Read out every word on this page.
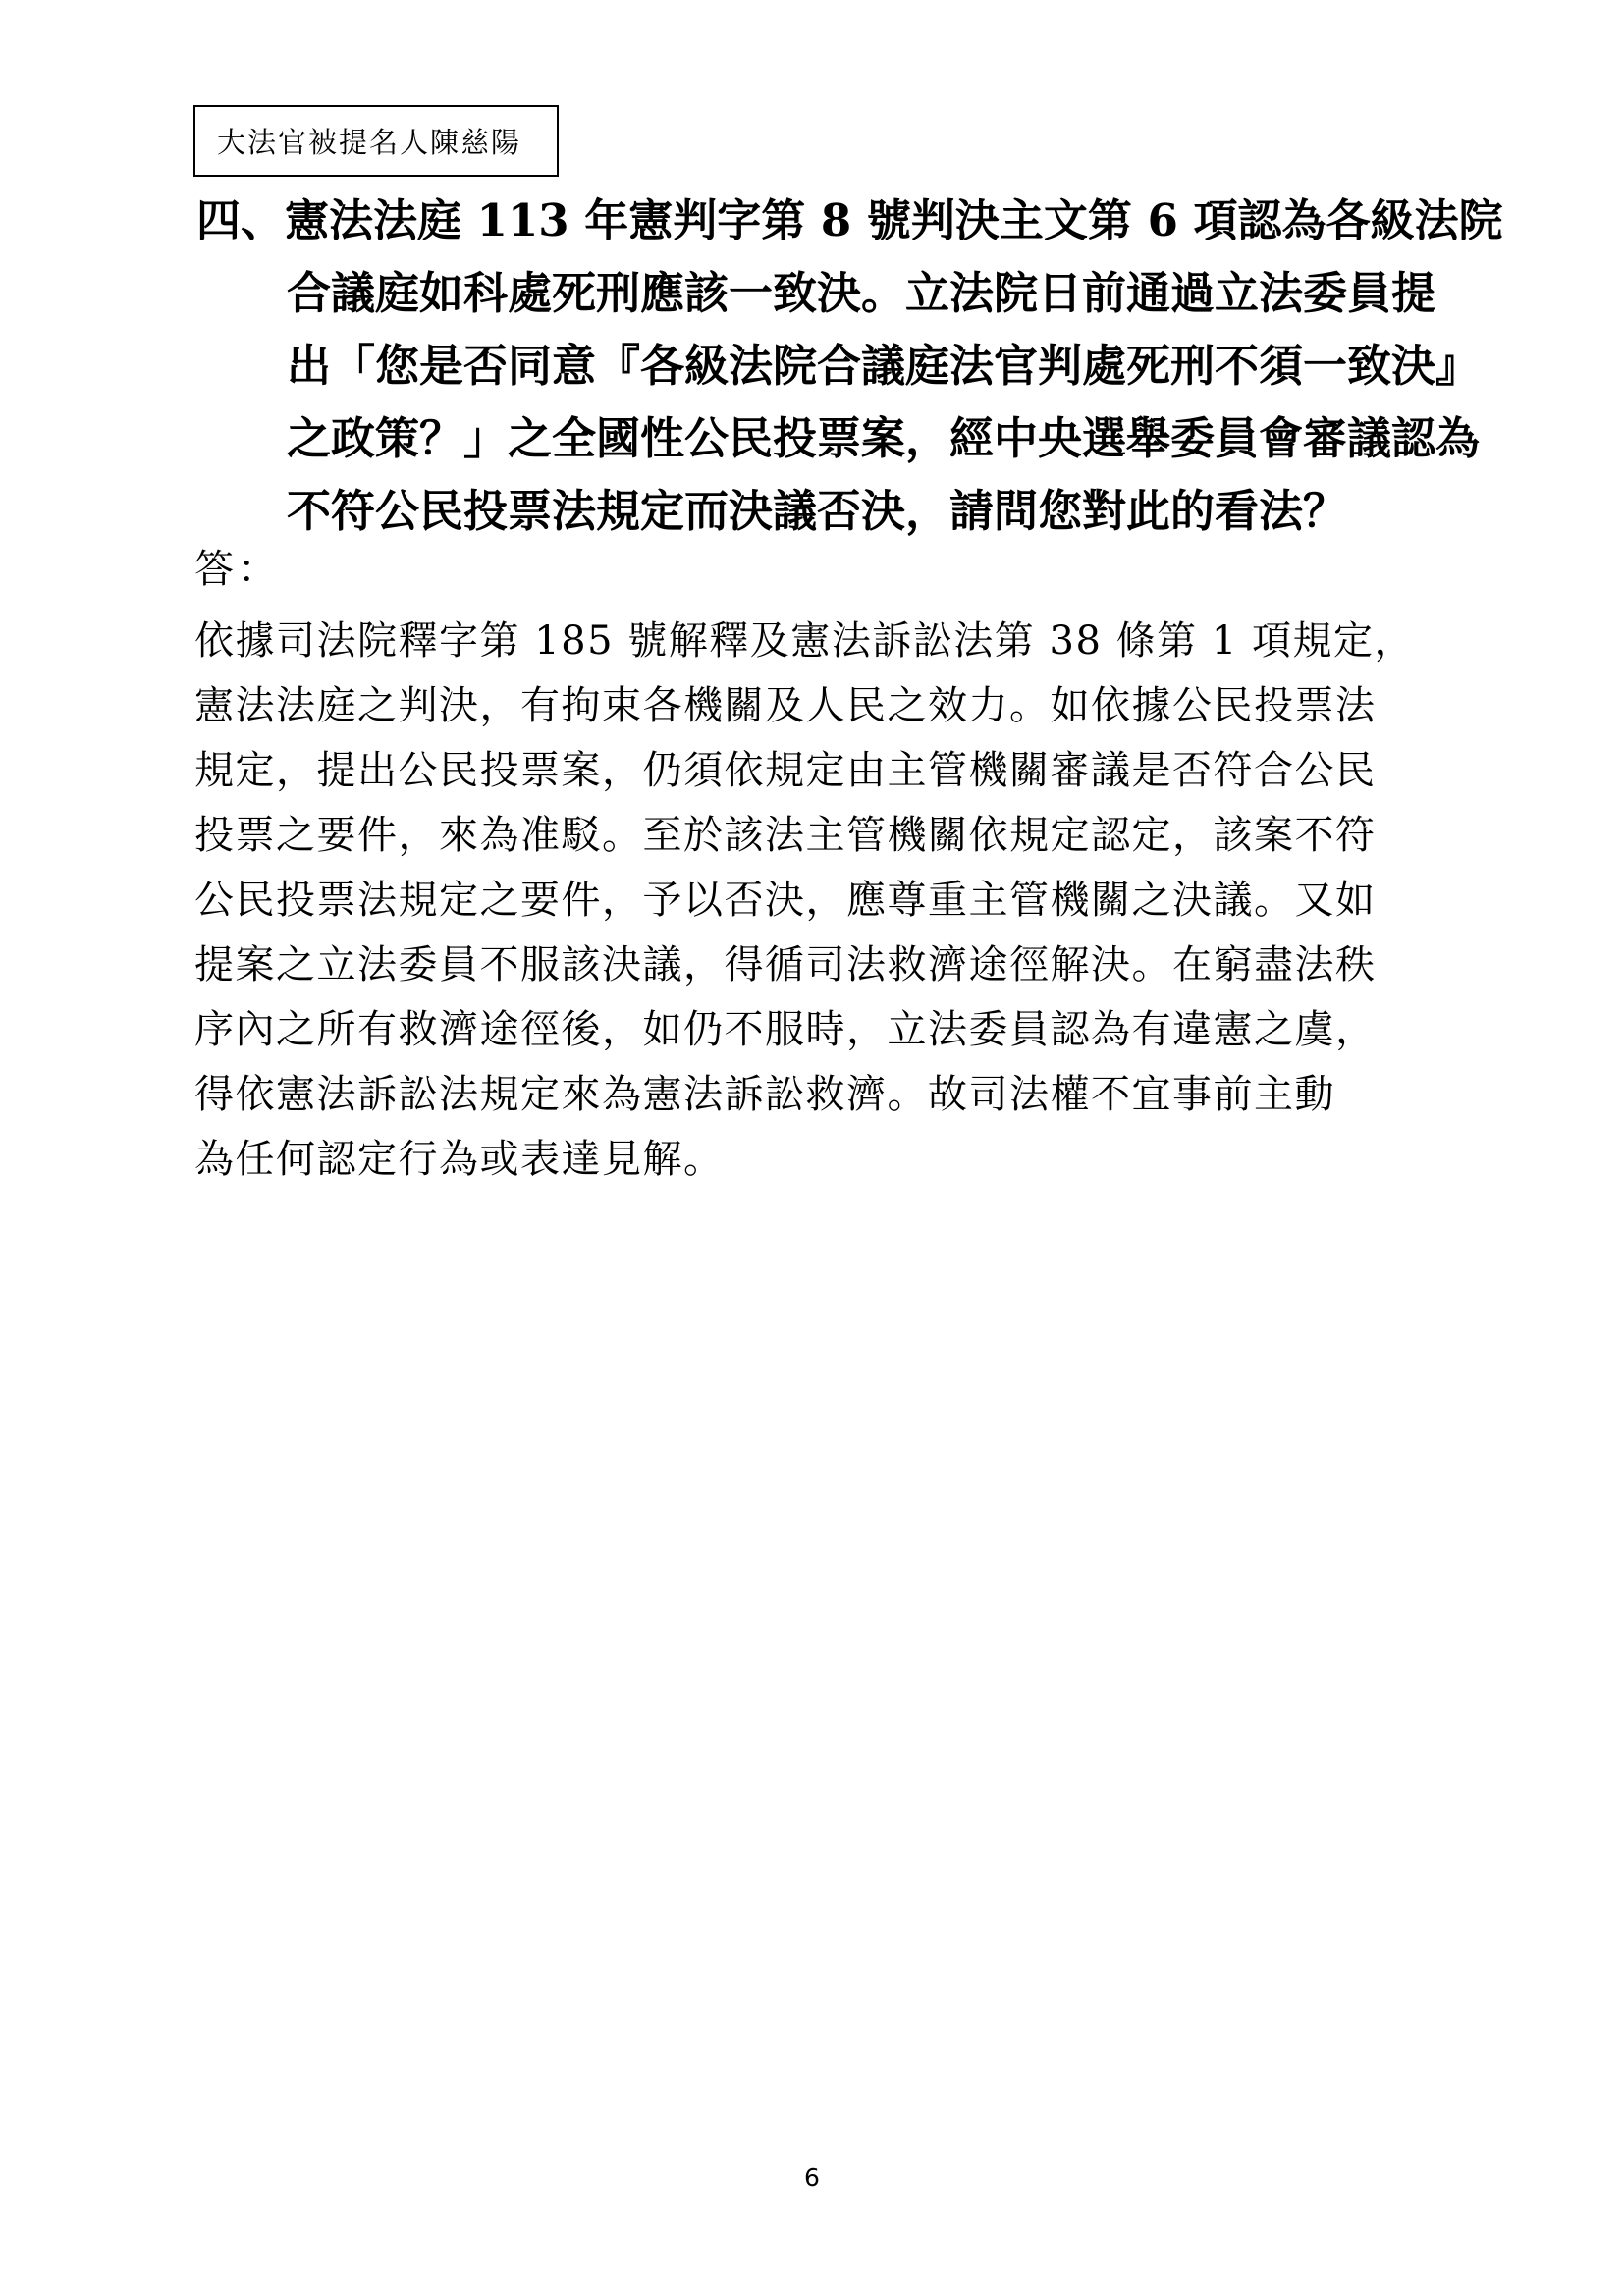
大法官被提名人陳慈陽
四、憲法法庭 113 年憲判字第 8 號判決主文第 6 項認為各級法院
合議庭如科處死刑應該一致決。立法院日前通過立法委員提
出「您是否同意『各級法院合議庭法官判處死刑不須一致決』
之政策？」之全國性公民投票案，經中央選舉委員會審議認為
不符公民投票法規定而決議否決，請問您對此的看法？
答：
依據司法院釋字第 185 號解釋及憲法訴訟法第 38 條第 1 項規定，
憲法法庭之判決，有拘束各機關及人民之效力。如依據公民投票法
規定，提出公民投票案，仍須依規定由主管機關審議是否符合公民
投票之要件，來為准駁。至於該法主管機關依規定認定，該案不符
公民投票法規定之要件，予以否決，應尊重主管機關之決議。又如
提案之立法委員不服該決議，得循司法救濟途徑解決。在窮盡法秩
序內之所有救濟途徑後，如仍不服時，立法委員認為有違憲之虞，
得依憲法訴訟法規定來為憲法訴訟救濟。故司法權不宜事前主動
為任何認定行為或表達見解。
6
